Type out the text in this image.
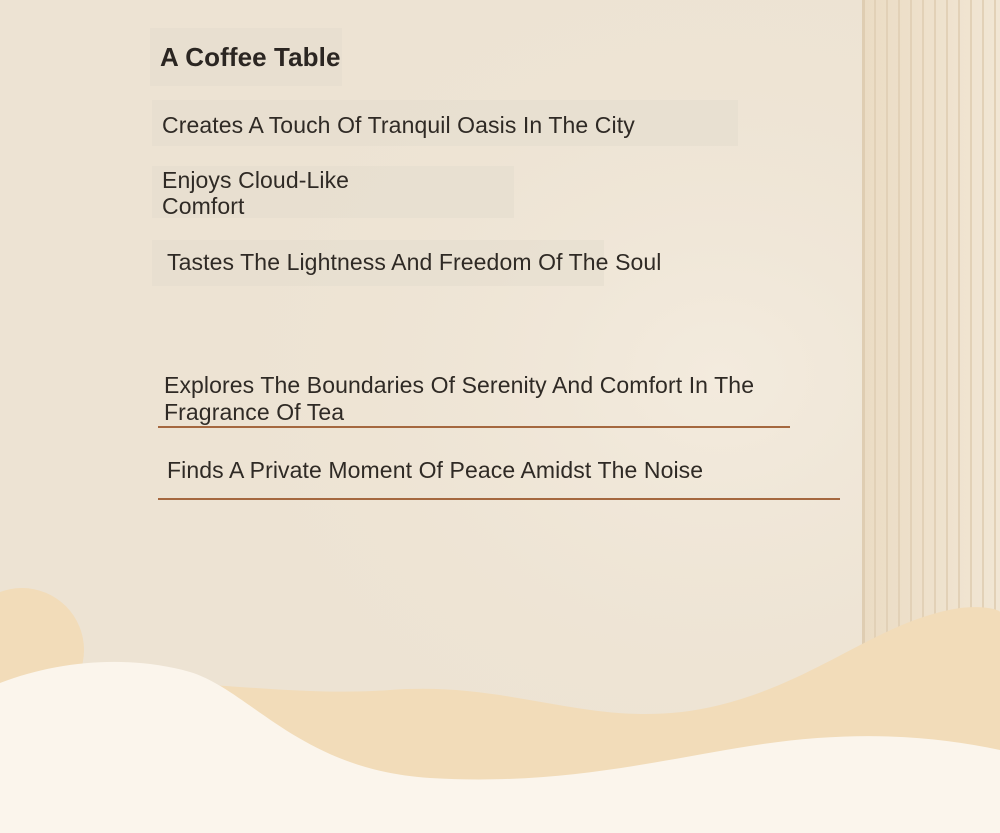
A Coffee Table
Creates A Touch Of Tranquil Oasis In The City
Enjoys Cloud-Like
Comfort
Tastes The Lightness And Freedom Of The Soul
Explores The Boundaries Of Serenity And Comfort In The
Fragrance Of Tea
Finds A Private Moment Of Peace Amidst The Noise
